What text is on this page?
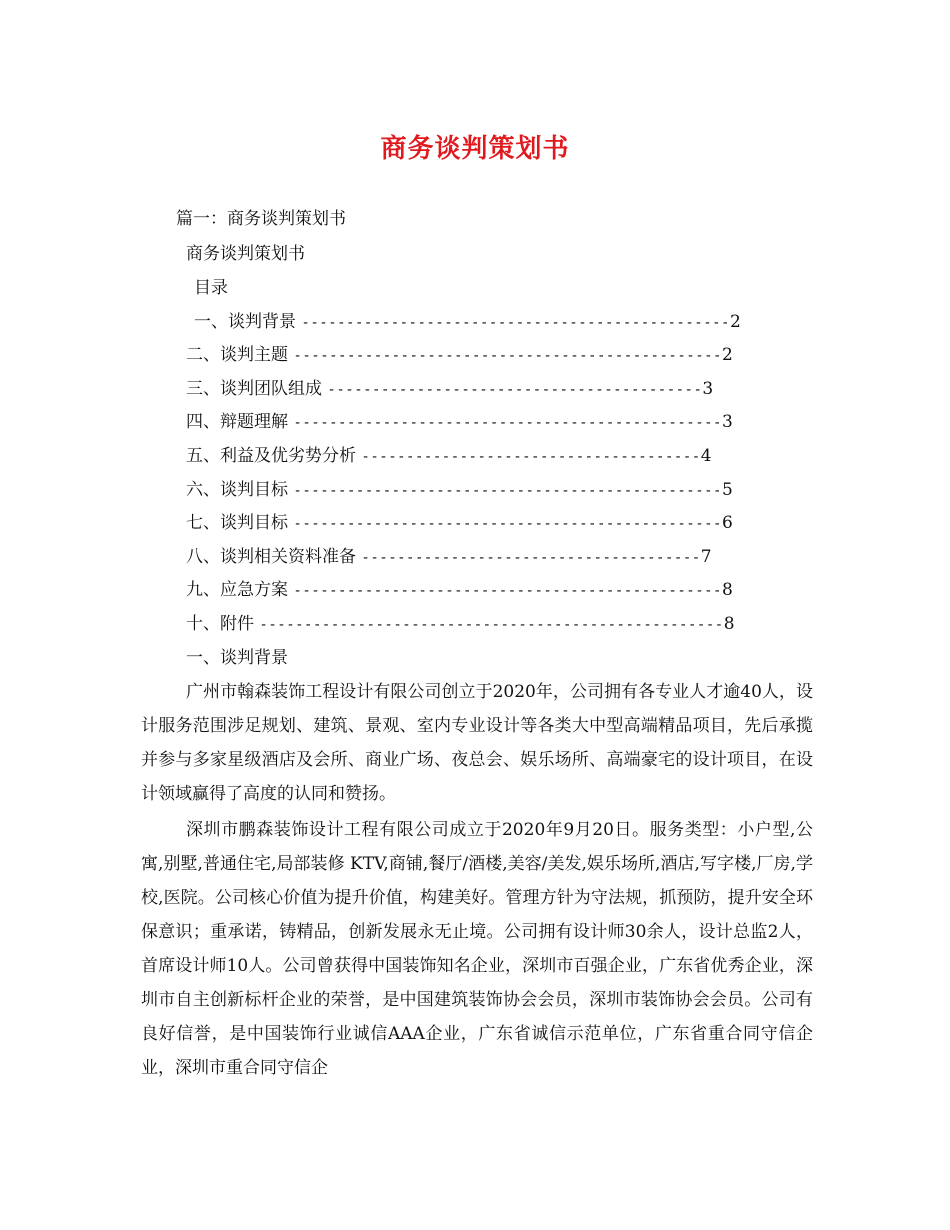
商务谈判策划书
篇一：商务谈判策划书
商务谈判策划书
目录
一、谈判背景 ------------------------------------------------2
二、谈判主题 ------------------------------------------------2
三、谈判团队组成 ------------------------------------------3
四、辩题理解 ------------------------------------------------3
五、利益及优劣势分析 --------------------------------------4
六、谈判目标 ------------------------------------------------5
七、谈判目标 ------------------------------------------------6
八、谈判相关资料准备 --------------------------------------7
九、应急方案 ------------------------------------------------8
十、附件 ----------------------------------------------------8
一、谈判背景
广州市翰森装饰工程设计有限公司创立于2020年，公司拥有各专业人才逾40人，设计服务范围涉足规划、建筑、景观、室内专业设计等各类大中型高端精品项目，先后承揽并参与多家星级酒店及会所、商业广场、夜总会、娱乐场所、高端豪宅的设计项目，在设计领域赢得了高度的认同和赞扬。
深圳市鹏森装饰设计工程有限公司成立于2020年9月20日。服务类型：小户型,公寓,别墅,普通住宅,局部装修 KTV,商铺,餐厅/酒楼,美容/美发,娱乐场所,酒店,写字楼,厂房,学校,医院。公司核心价值为提升价值，构建美好。管理方针为守法规，抓预防，提升安全环保意识；重承诺，铸精品，创新发展永无止境。公司拥有设计师30余人，设计总监2人，首席设计师10人。公司曾获得中国装饰知名企业，深圳市百强企业，广东省优秀企业，深圳市自主创新标杆企业的荣誉，是中国建筑装饰协会会员，深圳市装饰协会会员。公司有良好信誉，是中国装饰行业诚信AAA企业，广东省诚信示范单位，广东省重合同守信企业，深圳市重合同守信企
